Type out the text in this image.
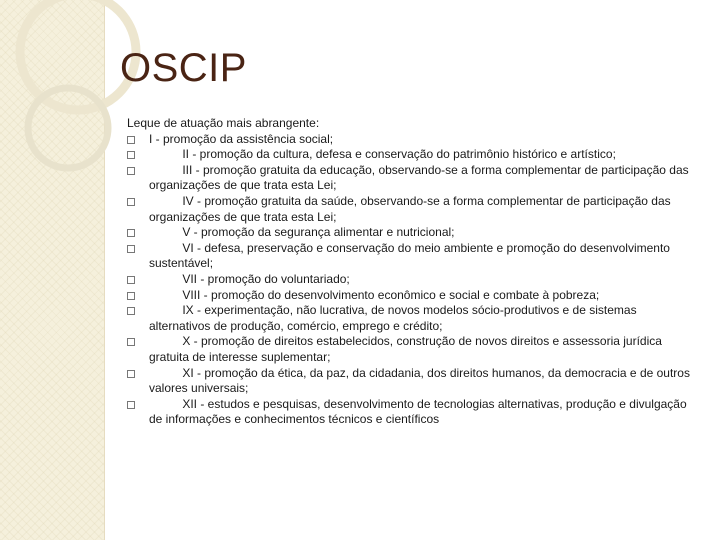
OSCIP
Leque de atuação mais abrangente:
I - promoção da assistência social;
II - promoção da cultura, defesa e conservação do patrimônio histórico e artístico;
III - promoção gratuita da educação, observando-se a forma complementar de participação das organizações de que trata esta Lei;
IV - promoção gratuita da saúde, observando-se a forma complementar de participação das organizações de que trata esta Lei;
V - promoção da segurança alimentar e nutricional;
VI - defesa, preservação e conservação do meio ambiente e promoção do desenvolvimento sustentável;
VII - promoção do voluntariado;
VIII - promoção do desenvolvimento econômico e social e combate à pobreza;
IX - experimentação, não lucrativa, de novos modelos sócio-produtivos e de sistemas alternativos de produção, comércio, emprego e crédito;
X - promoção de direitos estabelecidos, construção de novos direitos e assessoria jurídica gratuita de interesse suplementar;
XI - promoção da ética, da paz, da cidadania, dos direitos humanos, da democracia e de outros valores universais;
XII - estudos e pesquisas, desenvolvimento de tecnologias alternativas, produção e divulgação de informações e conhecimentos técnicos e científicos
